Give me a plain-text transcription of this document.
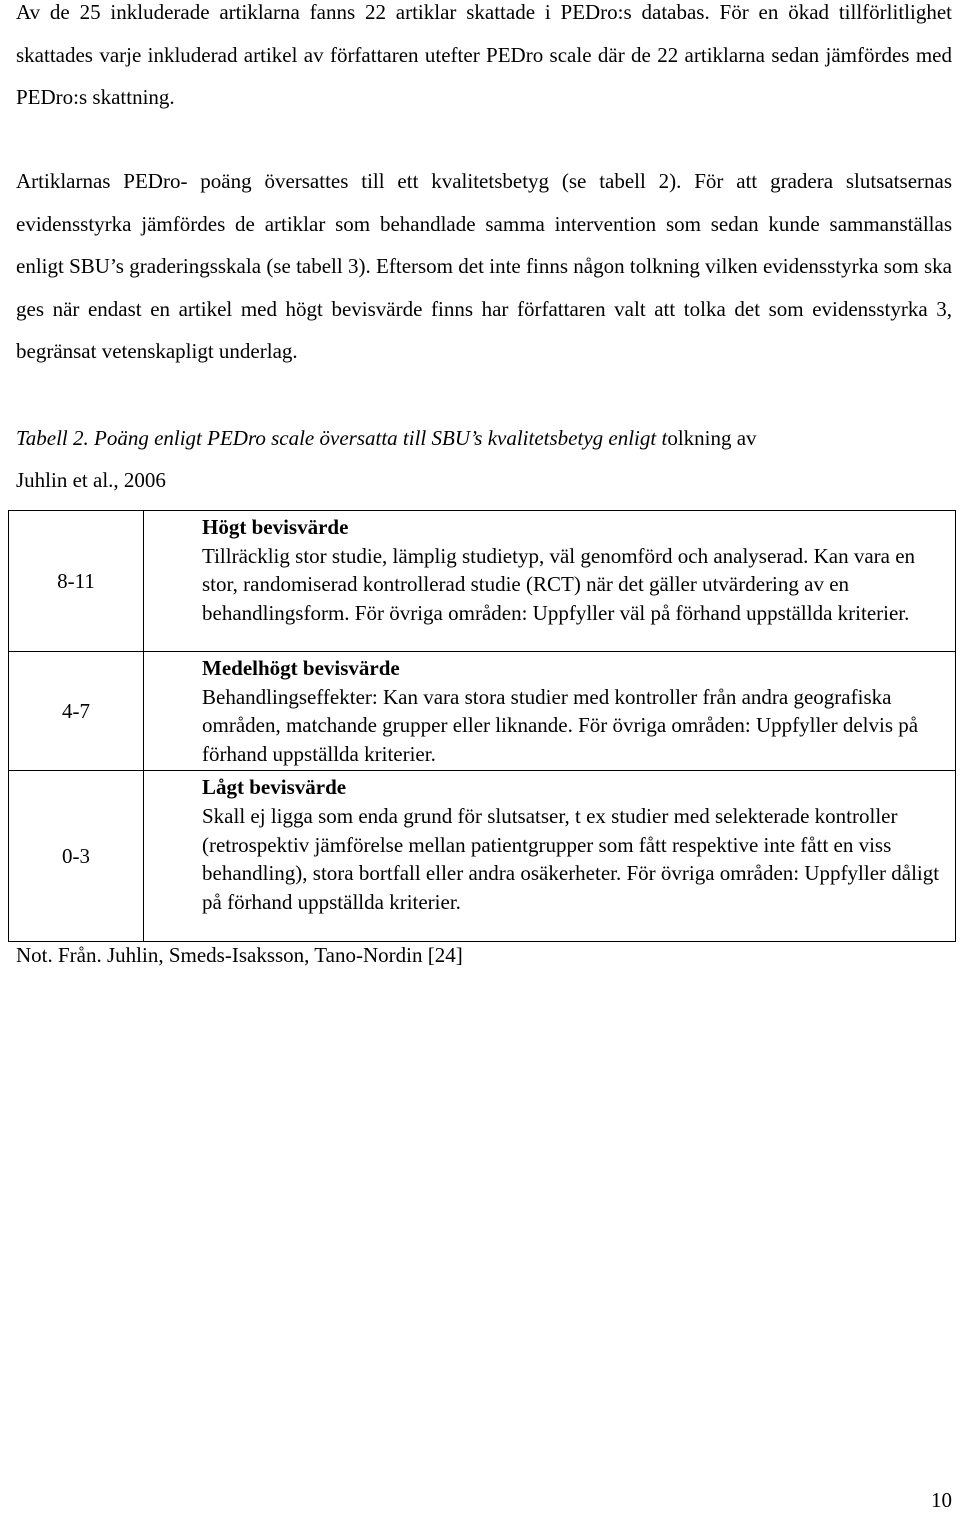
Av de 25 inkluderade artiklarna fanns 22 artiklar skattade i PEDro:s databas. För en ökad tillförlitlighet skattades varje inkluderad artikel av författaren utefter PEDro scale där de 22 artiklarna sedan jämfördes med PEDro:s skattning.

Artiklarnas PEDro- poäng översattes till ett kvalitetsbetyg (se tabell 2). För att gradera slutsatsernas evidensstyrka jämfördes de artiklar som behandlade samma intervention som sedan kunde sammanställas enligt SBU’s graderingsskala (se tabell 3). Eftersom det inte finns någon tolkning vilken evidensstyrka som ska ges när endast en artikel med högt bevisvärde finns har författaren valt att tolka det som evidensstyrka 3, begränsat vetenskapligt underlag.

Tabell 2. Poäng enligt PEDro scale översatta till SBU’s kvalitetsbetyg enligt tolkning av

Juhlin et al., 2006

8-11	Högt bevisvärde
Tillräcklig stor studie, lämplig studietyp, väl genomförd och analyserad. Kan vara en stor, randomiserad kontrollerad studie (RCT) när det gäller utvärdering av en behandlingsform. För övriga områden: Uppfyller väl på förhand uppställda kriterier.

4-7	Medelhögt bevisvärde
Behandlingseffekter: Kan vara stora studier med kontroller från andra geografiska områden, matchande grupper eller liknande. För övriga områden: Uppfyller delvis på förhand uppställda kriterier.

0-3	Lågt bevisvärde
Skall ej ligga som enda grund för slutsatser, t ex studier med selekterade kontroller (retrospektiv jämförelse mellan patientgrupper som fått respektive inte fått en viss behandling), stora bortfall eller andra osäkerheter. För övriga områden: Uppfyller dåligt på förhand uppställda kriterier.

Not. Från. Juhlin, Smeds-Isaksson, Tano-Nordin [24]

10
